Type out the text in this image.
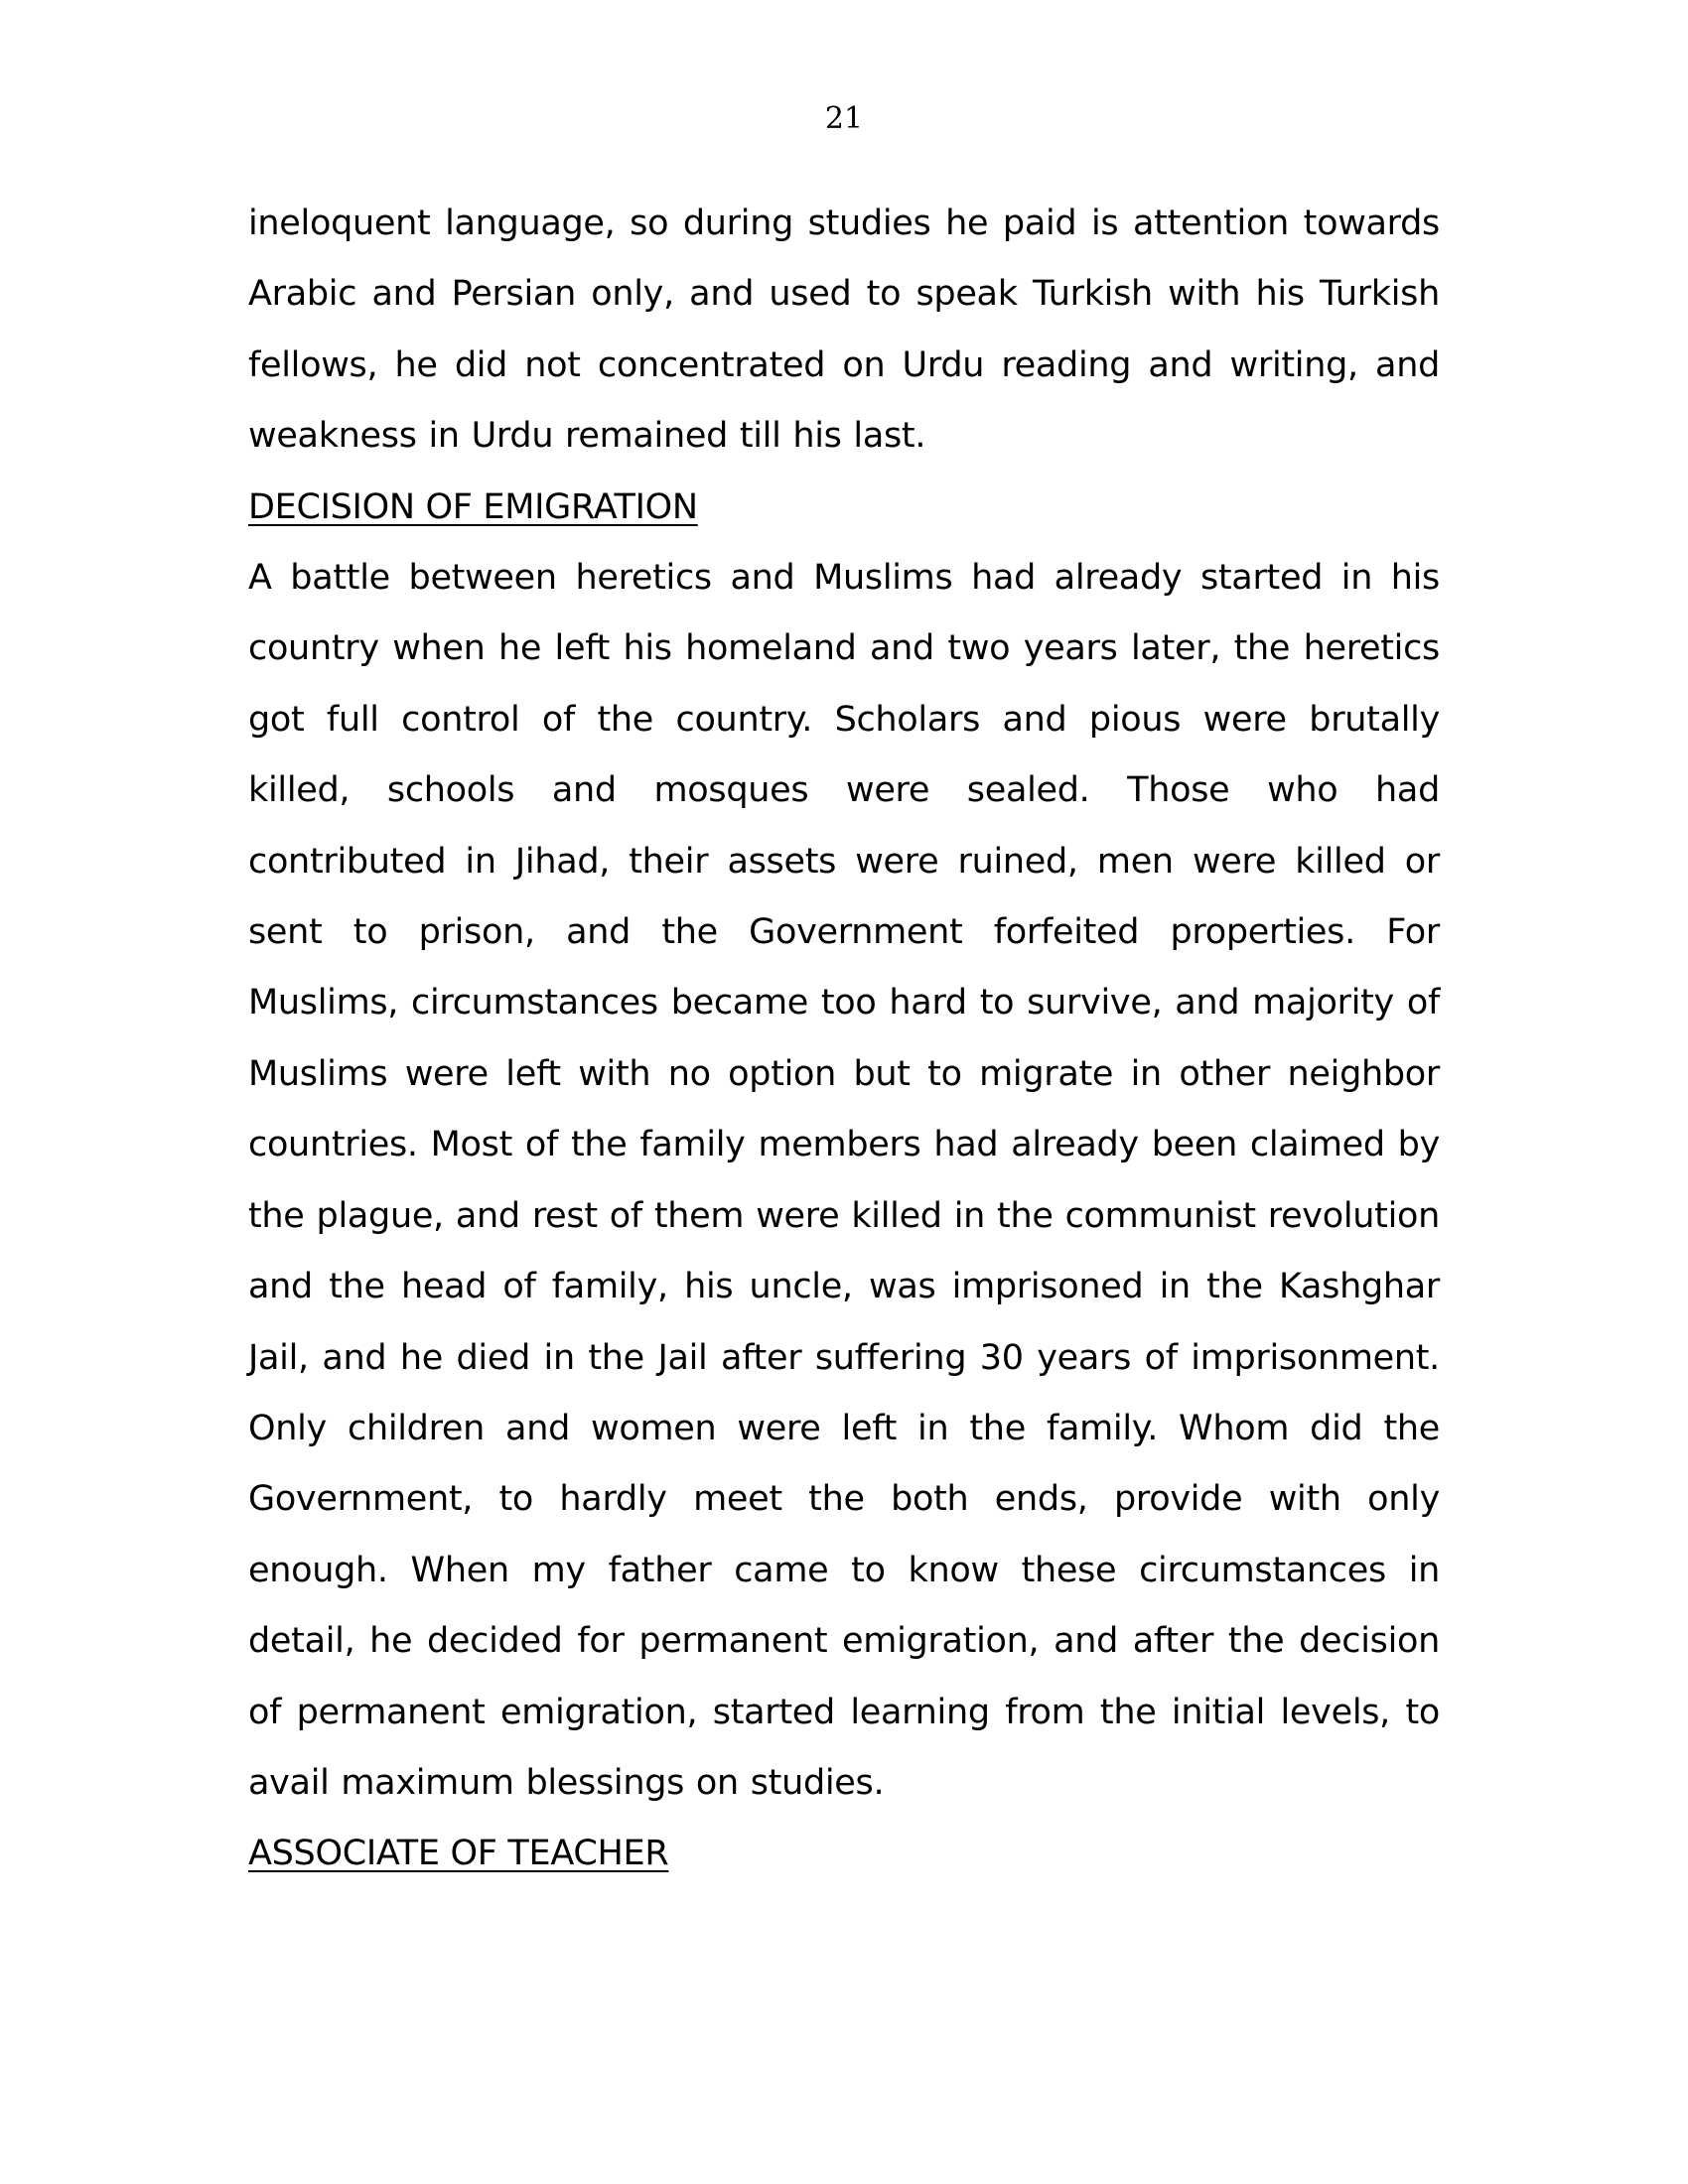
21

ineloquent language, so during studies he paid is attention towards Arabic and Persian only, and used to speak Turkish with his Turkish fellows, he did not concentrated on Urdu reading and writing, and weakness in Urdu remained till his last.

DECISION OF EMIGRATION

A battle between heretics and Muslims had already started in his country when he left his homeland and two years later, the heretics got full control of the country. Scholars and pious were brutally killed, schools and mosques were sealed. Those who had contributed in Jihad, their assets were ruined, men were killed or sent to prison, and the Government forfeited properties. For Muslims, circumstances became too hard to survive, and majority of Muslims were left with no option but to migrate in other neighbor countries. Most of the family members had already been claimed by the plague, and rest of them were killed in the communist revolution and the head of family, his uncle, was imprisoned in the Kashghar Jail, and he died in the Jail after suffering 30 years of imprisonment. Only children and women were left in the family. Whom did the Government, to hardly meet the both ends, provide with only enough. When my father came to know these circumstances in detail, he decided for permanent emigration, and after the decision of permanent emigration, started learning from the initial levels, to avail maximum blessings on studies.

ASSOCIATE OF TEACHER
